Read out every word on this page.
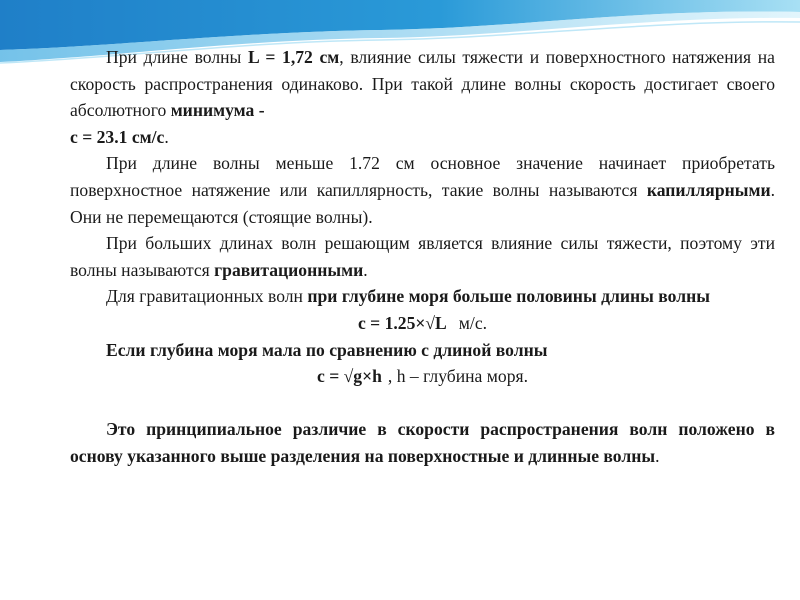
При длине волны L = 1,72 см, влияние силы тяжести и поверхностного натяжения на скорость распространения одинаково. При такой длине волны скорость достигает своего абсолютного минимума -
с = 23.1 см/с.

При длине волны меньше 1.72 см основное значение начинает приобретать поверхностное натяжение или капиллярность, такие волны называются капиллярными. Они не перемещаются (стоящие волны).

При больших длинах волн решающим является влияние силы тяжести, поэтому эти волны называются гравитационными.

Для гравитационных волн при глубине моря больше половины длины волны

с = 1.25×√L м/с.

Если глубина моря мала по сравнению с длиной волны

с = √g×h , h – глубина моря.

Это принципиальное различие в скорости распространения волн положено в основу указанного выше разделения на поверхностные и длинные волны.
